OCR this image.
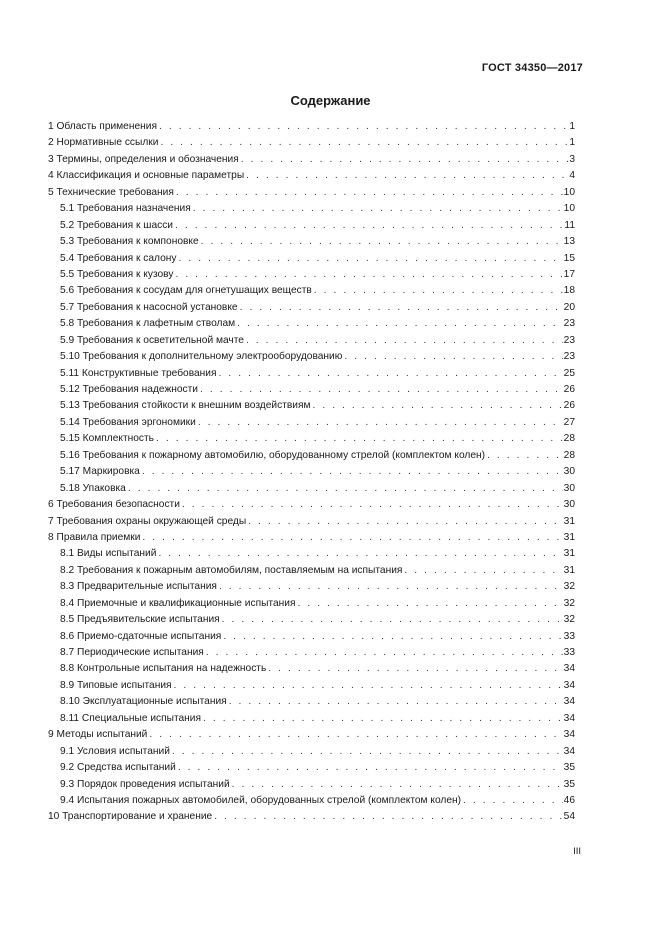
ГОСТ 34350—2017
Содержание
1 Область применения . . .	1
2 Нормативные ссылки . . .	1
3 Термины, определения и обозначения . . .	3
4 Классификация и основные параметры . . .	4
5 Технические требования . . .	10
5.1 Требования назначения . . .	10
5.2 Требования к шасси . . .	11
5.3 Требования к компоновке . . .	13
5.4 Требования к салону . . .	15
5.5 Требования к кузову . . .	17
5.6 Требования к сосудам для огнетушащих веществ . . .	18
5.7 Требования к насосной установке . . .	20
5.8 Требования к лафетным стволам . . .	23
5.9 Требования к осветительной мачте . . .	23
5.10 Требования к дополнительному электрооборудованию . . .	23
5.11 Конструктивные требования . . .	25
5.12 Требования надежности . . .	26
5.13 Требования стойкости к внешним воздействиям . . .	26
5.14 Требования эргономики . . .	27
5.15 Комплектность . . .	28
5.16 Требования к пожарному автомобилю, оборудованному стрелой (комплектом колен) . . .	28
5.17 Маркировка . . .	30
5.18 Упаковка . . .	30
6 Требования безопасности . . .	30
7 Требования охраны окружающей среды . . .	31
8 Правила приемки . . .	31
8.1 Виды испытаний . . .	31
8.2 Требования к пожарным автомобилям, поставляемым на испытания . . .	31
8.3 Предварительные испытания . . .	32
8.4 Приемочные и квалификационные испытания . . .	32
8.5 Предъявительские испытания . . .	32
8.6 Приемо-сдаточные испытания . . .	33
8.7 Периодические испытания . . .	33
8.8 Контрольные испытания на надежность . . .	34
8.9 Типовые испытания . . .	34
8.10 Эксплуатационные испытания . . .	34
8.11 Специальные испытания . . .	34
9 Методы испытаний . . .	34
9.1 Условия испытаний . . .	34
9.2 Средства испытаний . . .	35
9.3 Порядок проведения испытаний . . .	35
9.4 Испытания пожарных автомобилей, оборудованных стрелой (комплектом колен) . . .	46
10 Транспортирование и хранение . . .	54
III
